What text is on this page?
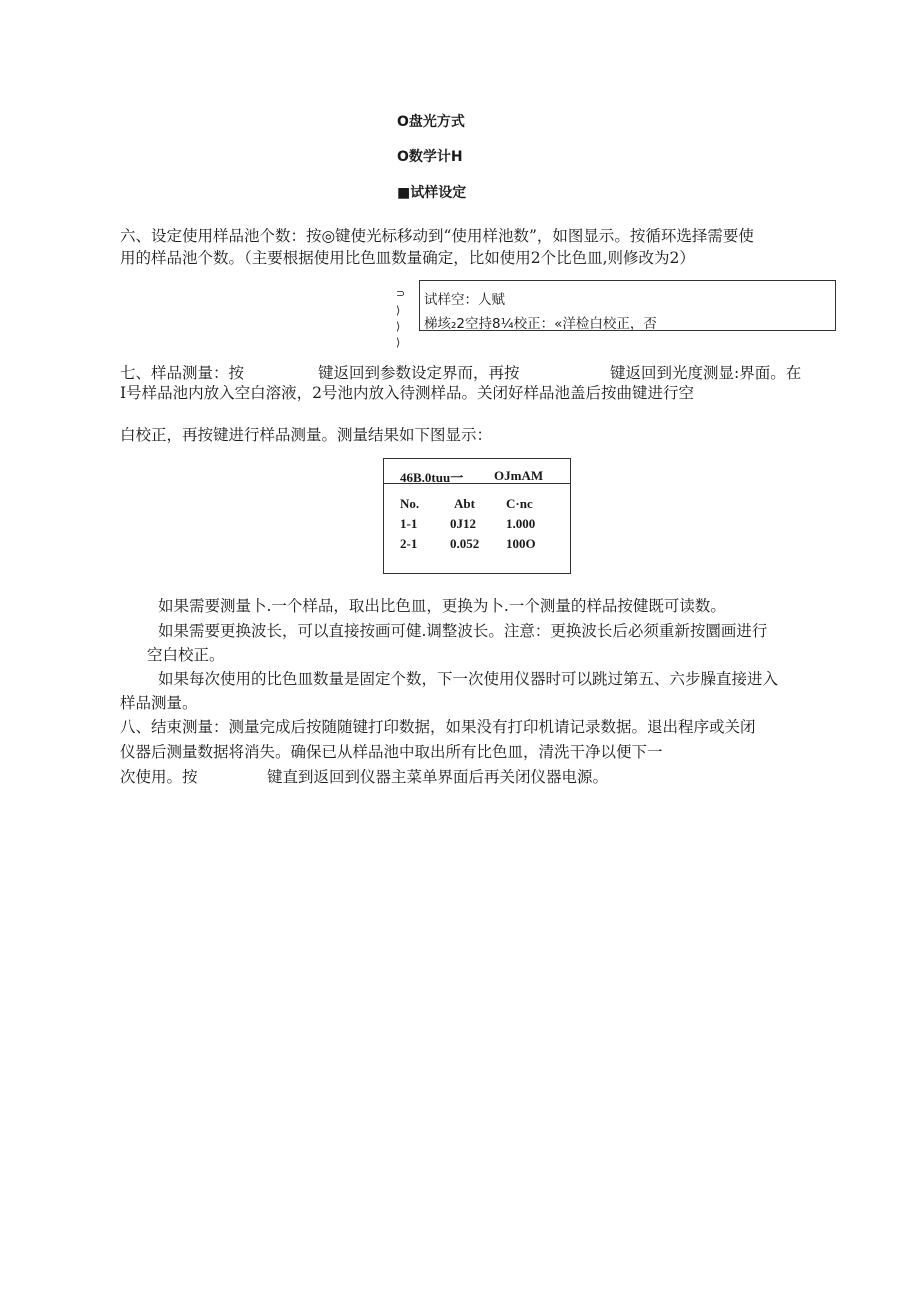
O盘光方式
O数学计H
■试样设定
六、设定使用样品池个数：按◎键使光标移动到“使用样池数”，如图显示。按循环选择需要使
用的样品池个数。（主要根据使用比色皿数量确定，比如使用2个比色皿,则修改为2）
⊃
⟩
⟩
⟩
试样空：人赋
梯垓₂2空持8¼校正：«洋检白校正，否
七、样品测量：按	键返回到参数设定界而，再按	键返回到光度测显:界面。在
I号样品池内放入空白溶液，2号池内放入待测样品。关闭好样品池盖后按曲键进行空
白校正，再按键进行样品测量。测量结果如下图显示：
46B.0tuu一 OJmAM
No.	Abt C·nc
1-1	0J12 1.000
2-1	0.052 100O
如果需要测量卜.一个样品，取出比色皿，更换为卜.一个测量的样品按健既可读数。
如果需要更换波长，可以直接按画可健.调整波长。注意：更换波长后必须重新按圜画进行
空白校正。
如果每次使用的比色皿数量是固定个数，下一次使用仪器时可以跳过第五、六步臊直接进入
样品测量。
八、结束测量：测量完成后按随随键打印数据，如果没有打印机请记录数据。退出程序或关闭
仪器后测量数据将消失。确保已从样品池中取出所有比色皿，清洗干净以便下一
次使用。按	键直到返回到仪器主菜单界面后再关闭仪器电源。
